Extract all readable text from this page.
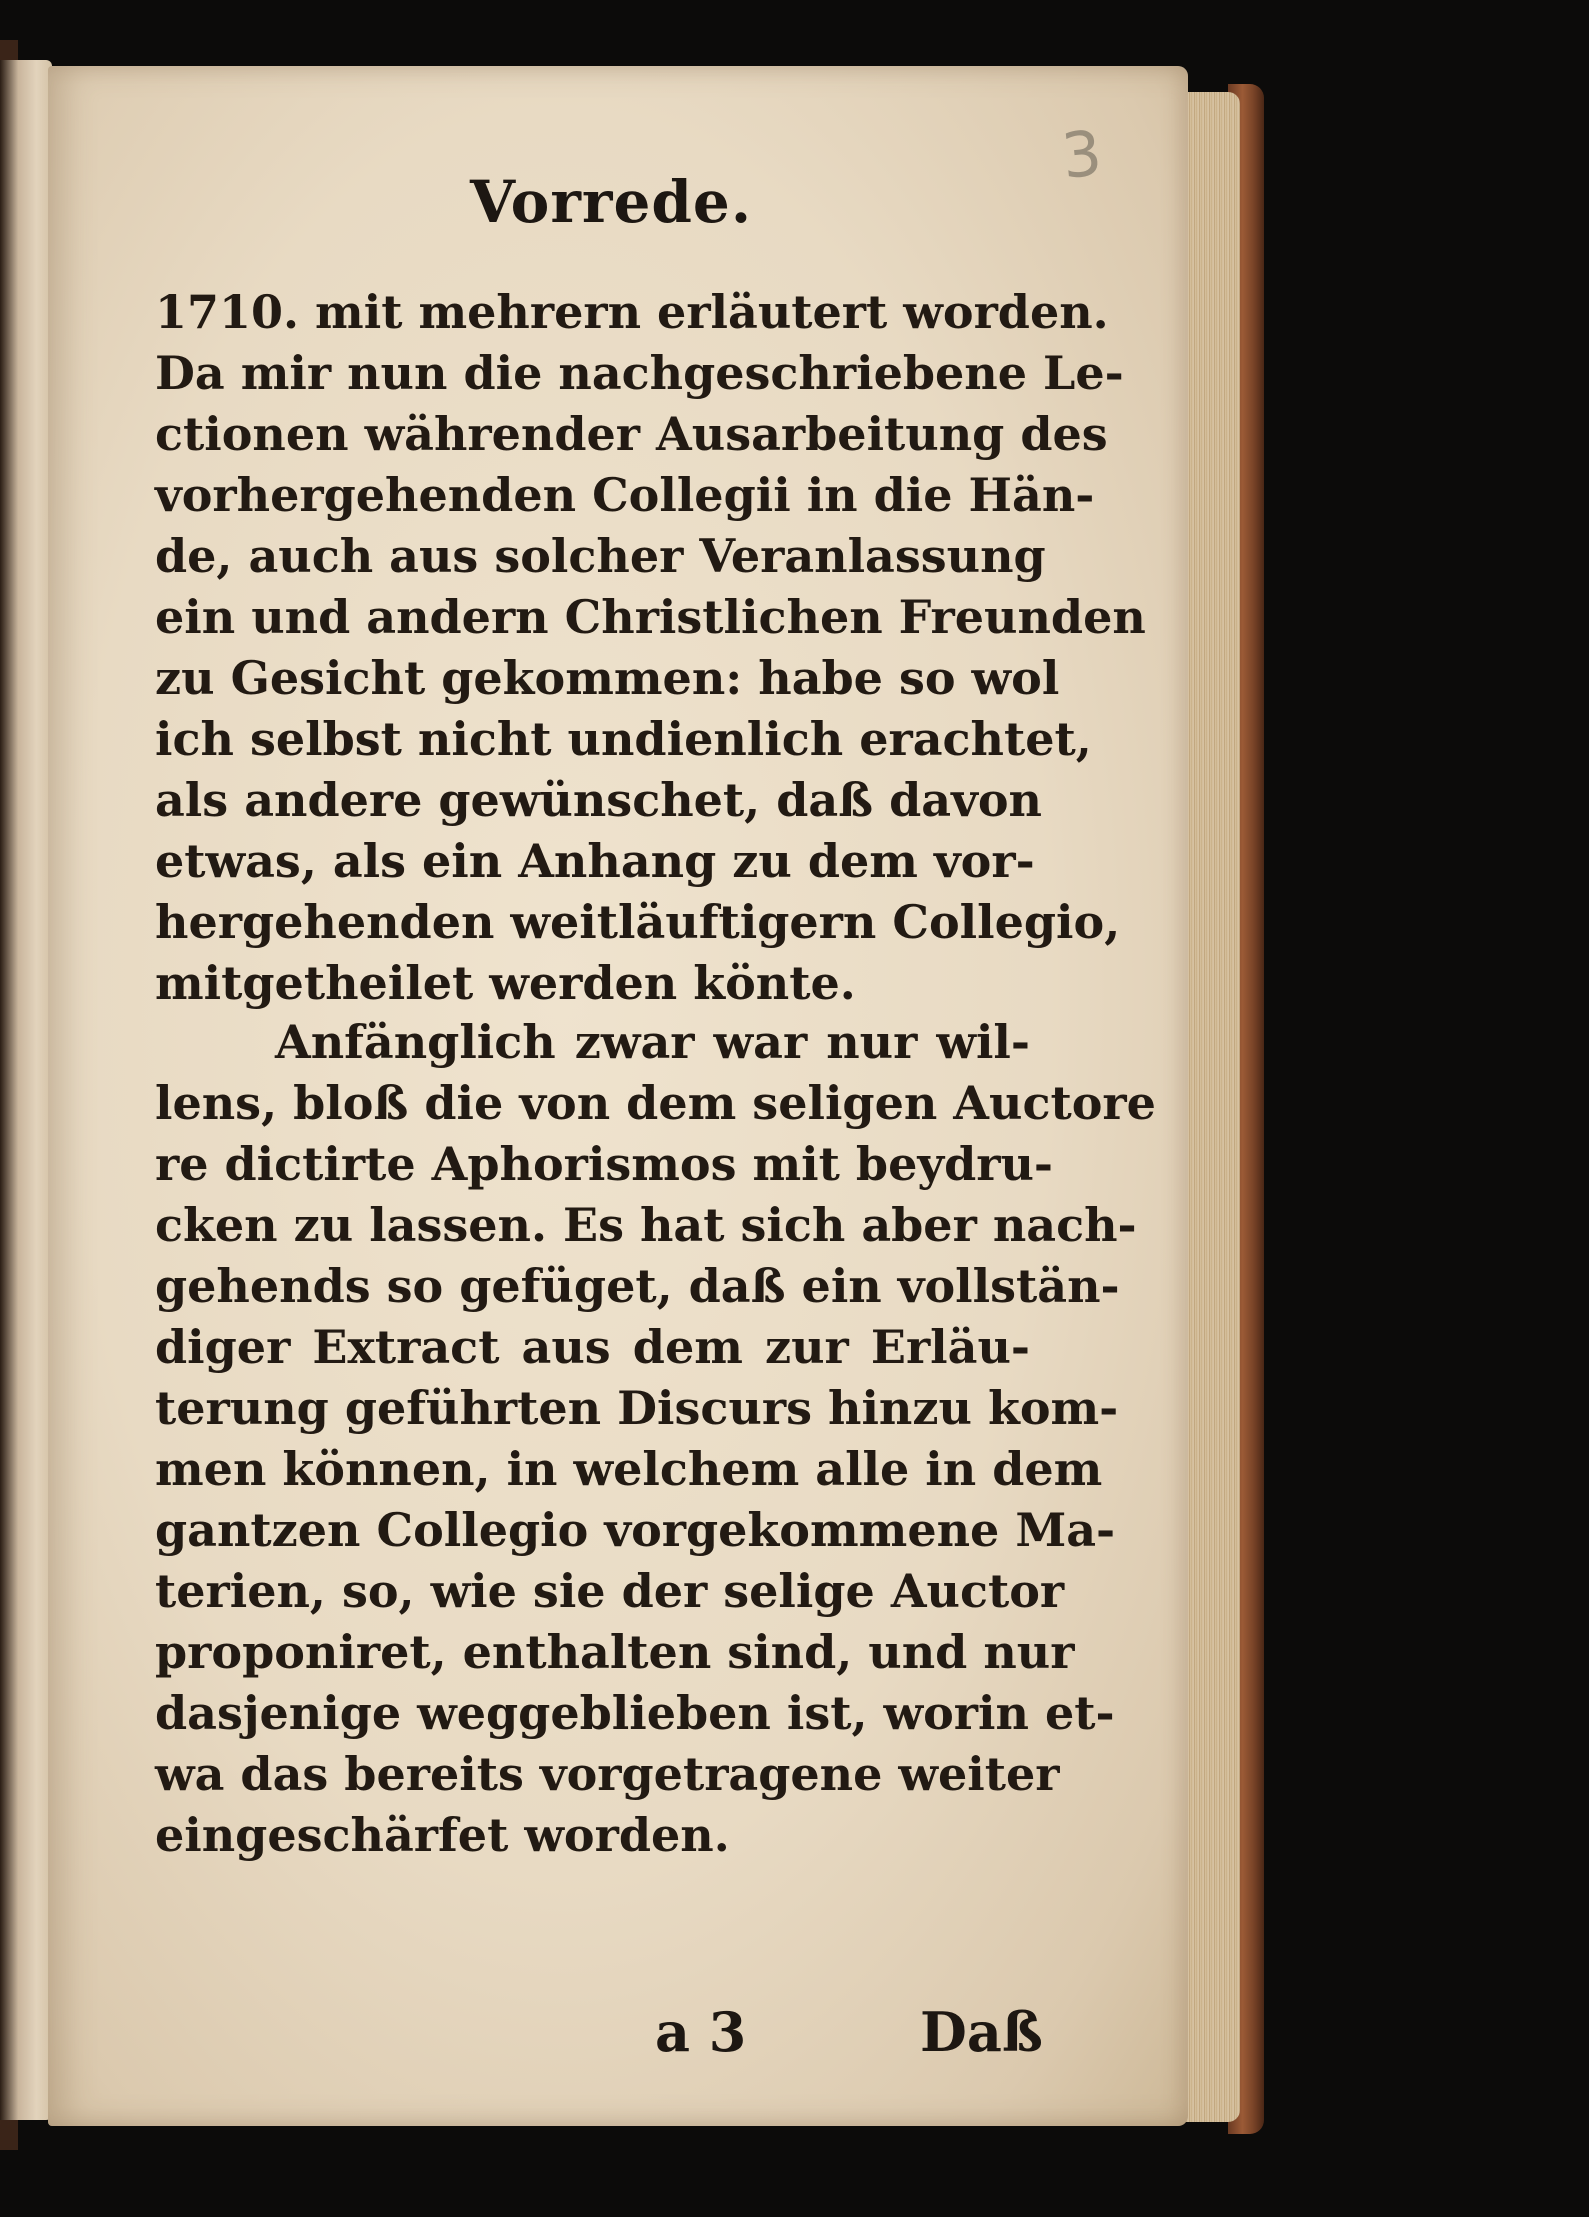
3
Vorrede.
1710. mit mehrern erläutert worden.
Da mir nun die nachgeschriebene Le-
ctionen währender Ausarbeitung des
vorhergehenden Collegii in die Hän-
de, auch aus solcher Veranlassung
ein und andern Christlichen Freunden
zu Gesicht gekommen: habe so wol
ich selbst nicht undienlich erachtet,
als andere gewünschet, daß davon
etwas, als ein Anhang zu dem vor-
hergehenden weitläuftigern Collegio,
mitgetheilet werden könte.
Anfänglich zwar war nur wil-
lens, bloß die von dem seligen Auctore
re dictirte Aphorismos mit beydru-
cken zu lassen. Es hat sich aber nach-
gehends so gefüget, daß ein vollstän-
diger Extract aus dem zur Erläu-
terung geführten Discurs hinzu kom-
men können, in welchem alle in dem
gantzen Collegio vorgekommene Ma-
terien, so, wie sie der selige Auctor
proponiret, enthalten sind, und nur
dasjenige weggeblieben ist, worin et-
wa das bereits vorgetragene weiter
eingeschärfet worden.
a 3	Daß
